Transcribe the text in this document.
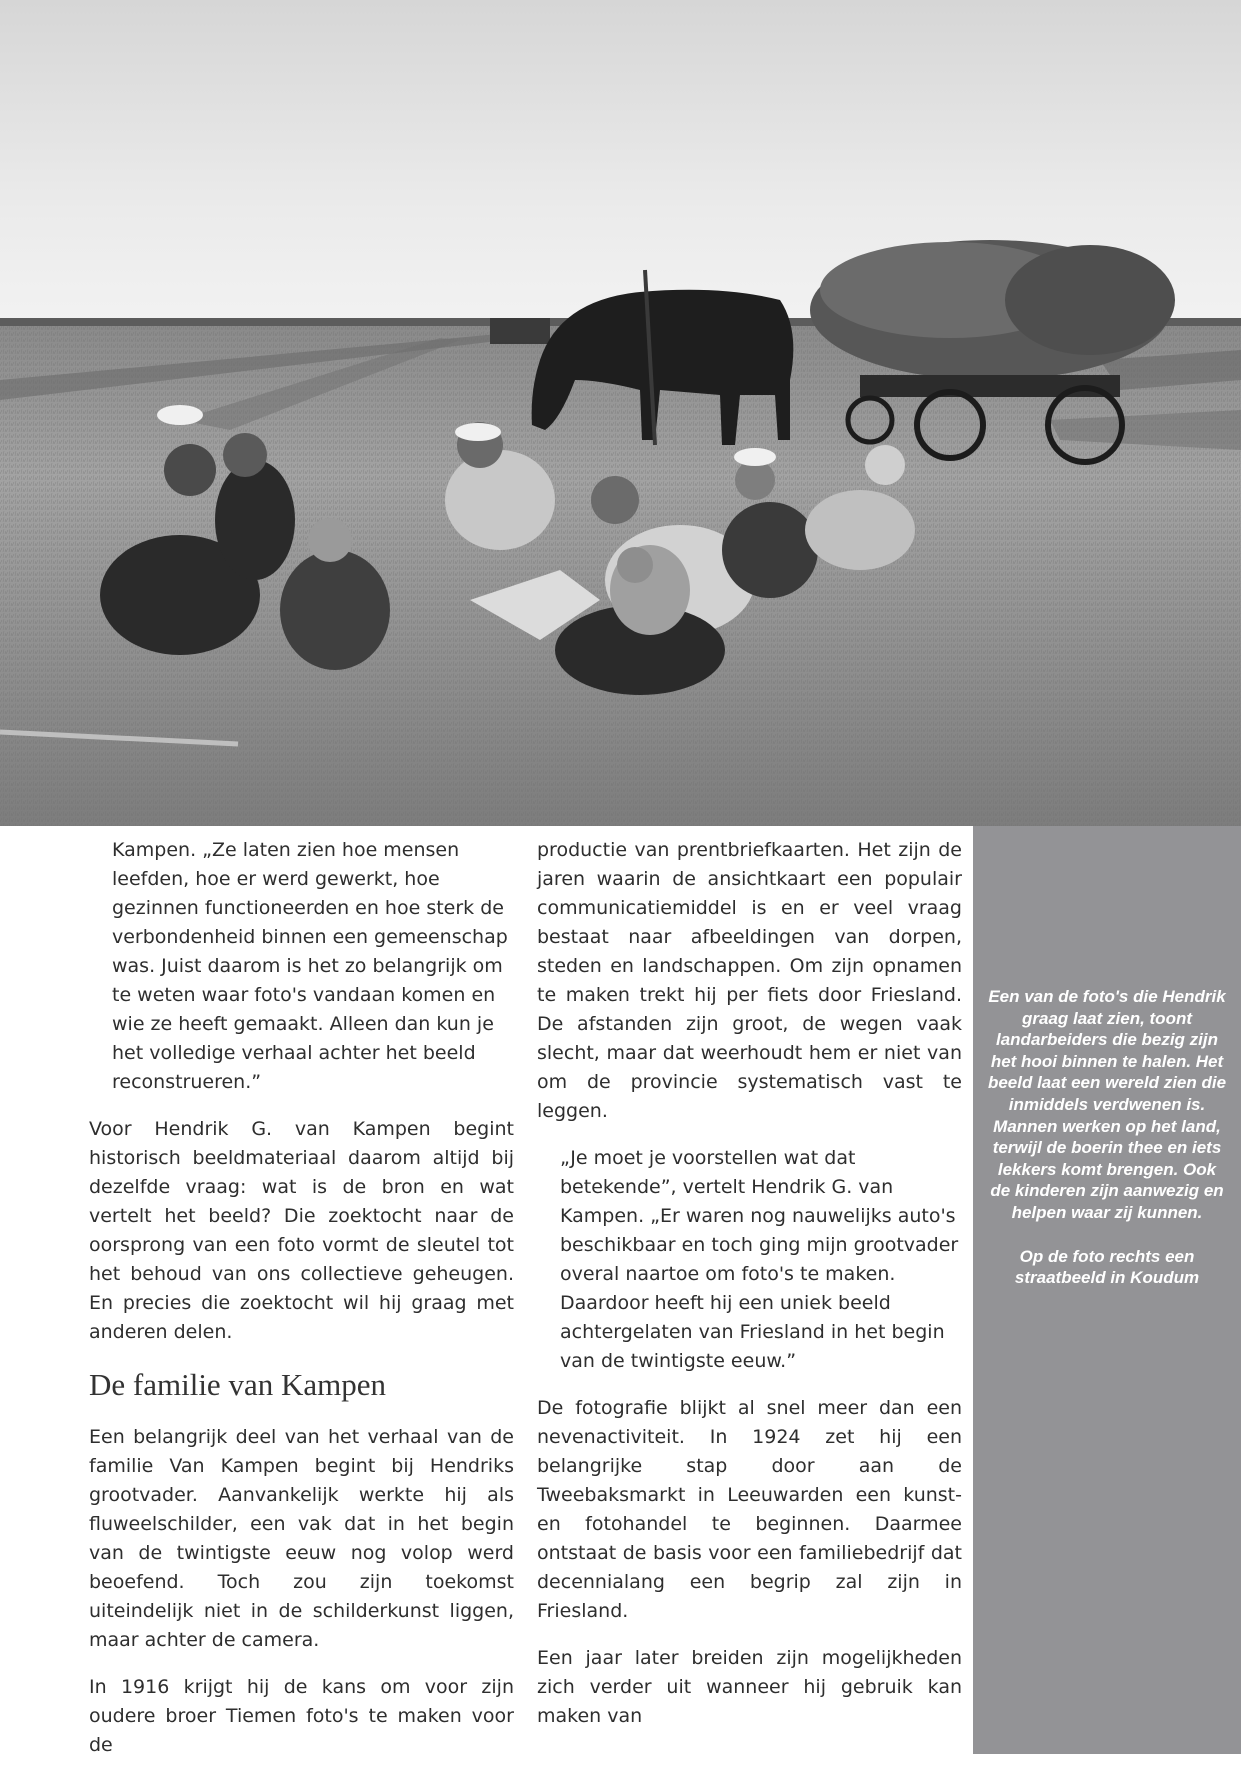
Kampen. „Ze laten zien hoe mensen leefden, hoe er werd gewerkt, hoe gezinnen functioneerden en hoe sterk de verbondenheid binnen een gemeenschap was. Juist daarom is het zo belangrijk om te weten waar foto's vandaan komen en wie ze heeft gemaakt. Alleen dan kun je het volledige verhaal achter het beeld reconstrueren.”

Voor Hendrik G. van Kampen begint historisch beeldmateriaal daarom altijd bij dezelfde vraag: wat is de bron en wat vertelt het beeld? Die zoektocht naar de oorsprong van een foto vormt de sleutel tot het behoud van ons collectieve geheugen. En precies die zoektocht wil hij graag met anderen delen.

De familie van Kampen

Een belangrijk deel van het verhaal van de familie Van Kampen begint bij Hendriks grootvader. Aanvankelijk werkte hij als fluweelschilder, een vak dat in het begin van de twintigste eeuw nog volop werd beoefend. Toch zou zijn toekomst uiteindelijk niet in de schilderkunst liggen, maar achter de camera.

In 1916 krijgt hij de kans om voor zijn oudere broer Tiemen foto's te maken voor de

productie van prentbriefkaarten. Het zijn de jaren waarin de ansichtkaart een populair communicatiemiddel is en er veel vraag bestaat naar afbeeldingen van dorpen, steden en landschappen. Om zijn opnamen te maken trekt hij per fiets door Friesland. De afstanden zijn groot, de wegen vaak slecht, maar dat weerhoudt hem er niet van om de provincie systematisch vast te leggen.

„Je moet je voorstellen wat dat betekende”, vertelt Hendrik G. van Kampen. „Er waren nog nauwelijks auto's beschikbaar en toch ging mijn grootvader overal naartoe om foto's te maken. Daardoor heeft hij een uniek beeld achtergelaten van Friesland in het begin van de twintigste eeuw.”

De fotografie blijkt al snel meer dan een nevenactiviteit. In 1924 zet hij een belangrijke stap door aan de Tweebaksmarkt in Leeuwarden een kunst- en fotohandel te beginnen. Daarmee ontstaat de basis voor een familiebedrijf dat decennialang een begrip zal zijn in Friesland.

Een jaar later breiden zijn mogelijkheden zich verder uit wanneer hij gebruik kan maken van

Een van de foto's die Hendrik graag laat zien, toont landarbeiders die bezig zijn het hooi binnen te halen. Het beeld laat een wereld zien die inmiddels verdwenen is. Mannen werken op het land, terwijl de boerin thee en iets lekkers komt brengen. Ook de kinderen zijn aanwezig en helpen waar zij kunnen.

Op de foto rechts een straatbeeld in Koudum
